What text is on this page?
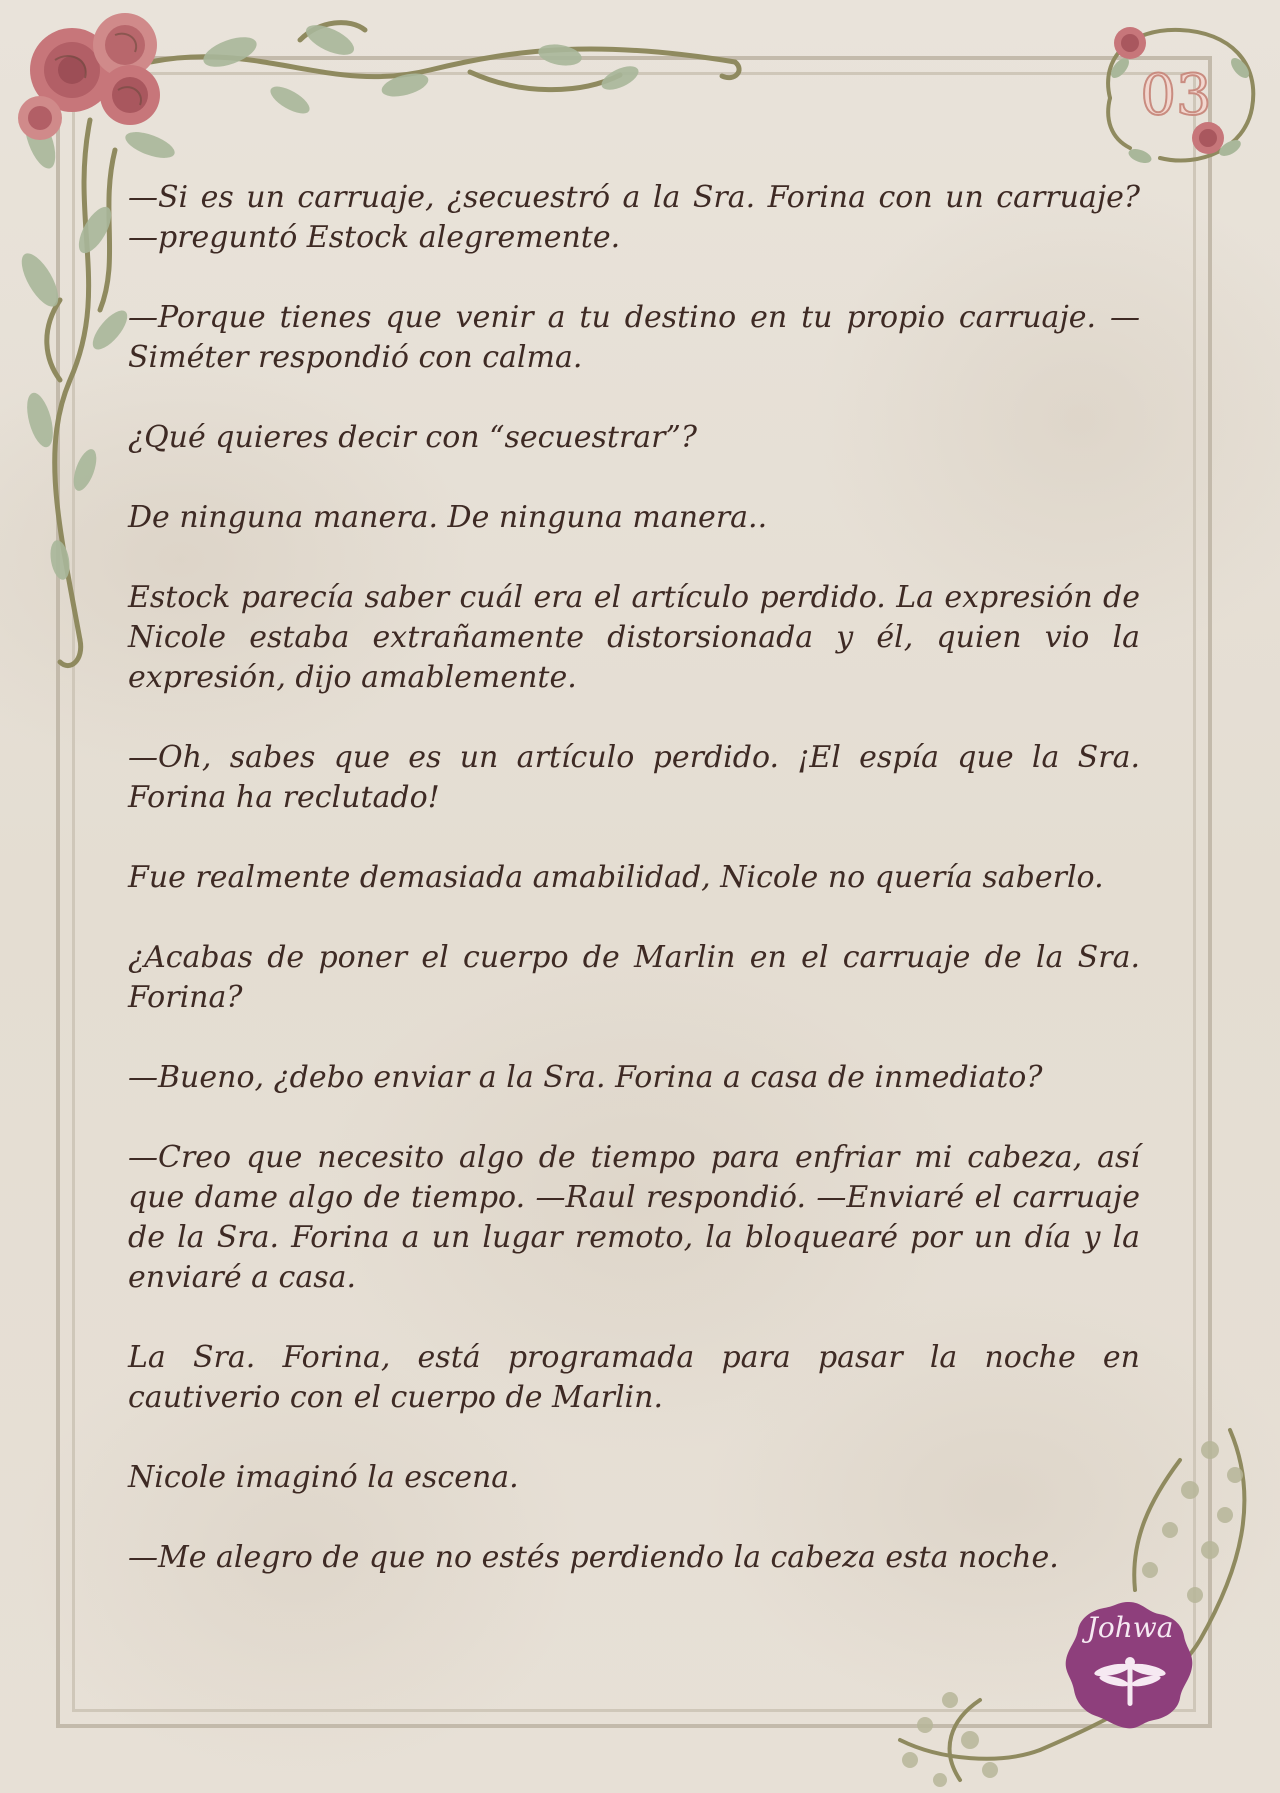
03
Johwa

—Si es un carruaje, ¿secuestró a la Sra. Forina con un carruaje? —preguntó Estock alegremente.

—Porque tienes que venir a tu destino en tu propio carruaje. — Siméter respondió con calma.

¿Qué quieres decir con “secuestrar”?

De ninguna manera. De ninguna manera..

Estock parecía saber cuál era el artículo perdido. La expresión de Nicole estaba extrañamente distorsionada y él, quien vio la expresión, dijo amablemente.

—Oh, sabes que es un artículo perdido. ¡El espía que la Sra. Forina ha reclutado!

Fue realmente demasiada amabilidad, Nicole no quería saberlo.

¿Acabas de poner el cuerpo de Marlin en el carruaje de la Sra. Forina?

—Bueno, ¿debo enviar a la Sra. Forina a casa de inmediato?

—Creo que necesito algo de tiempo para enfriar mi cabeza, así que dame algo de tiempo. —Raul respondió. —Enviaré el carruaje de la Sra. Forina a un lugar remoto, la bloquearé por un día y la enviaré a casa.

La Sra. Forina, está programada para pasar la noche en cautiverio con el cuerpo de Marlin.

Nicole imaginó la escena.

—Me alegro de que no estés perdiendo la cabeza esta noche.
